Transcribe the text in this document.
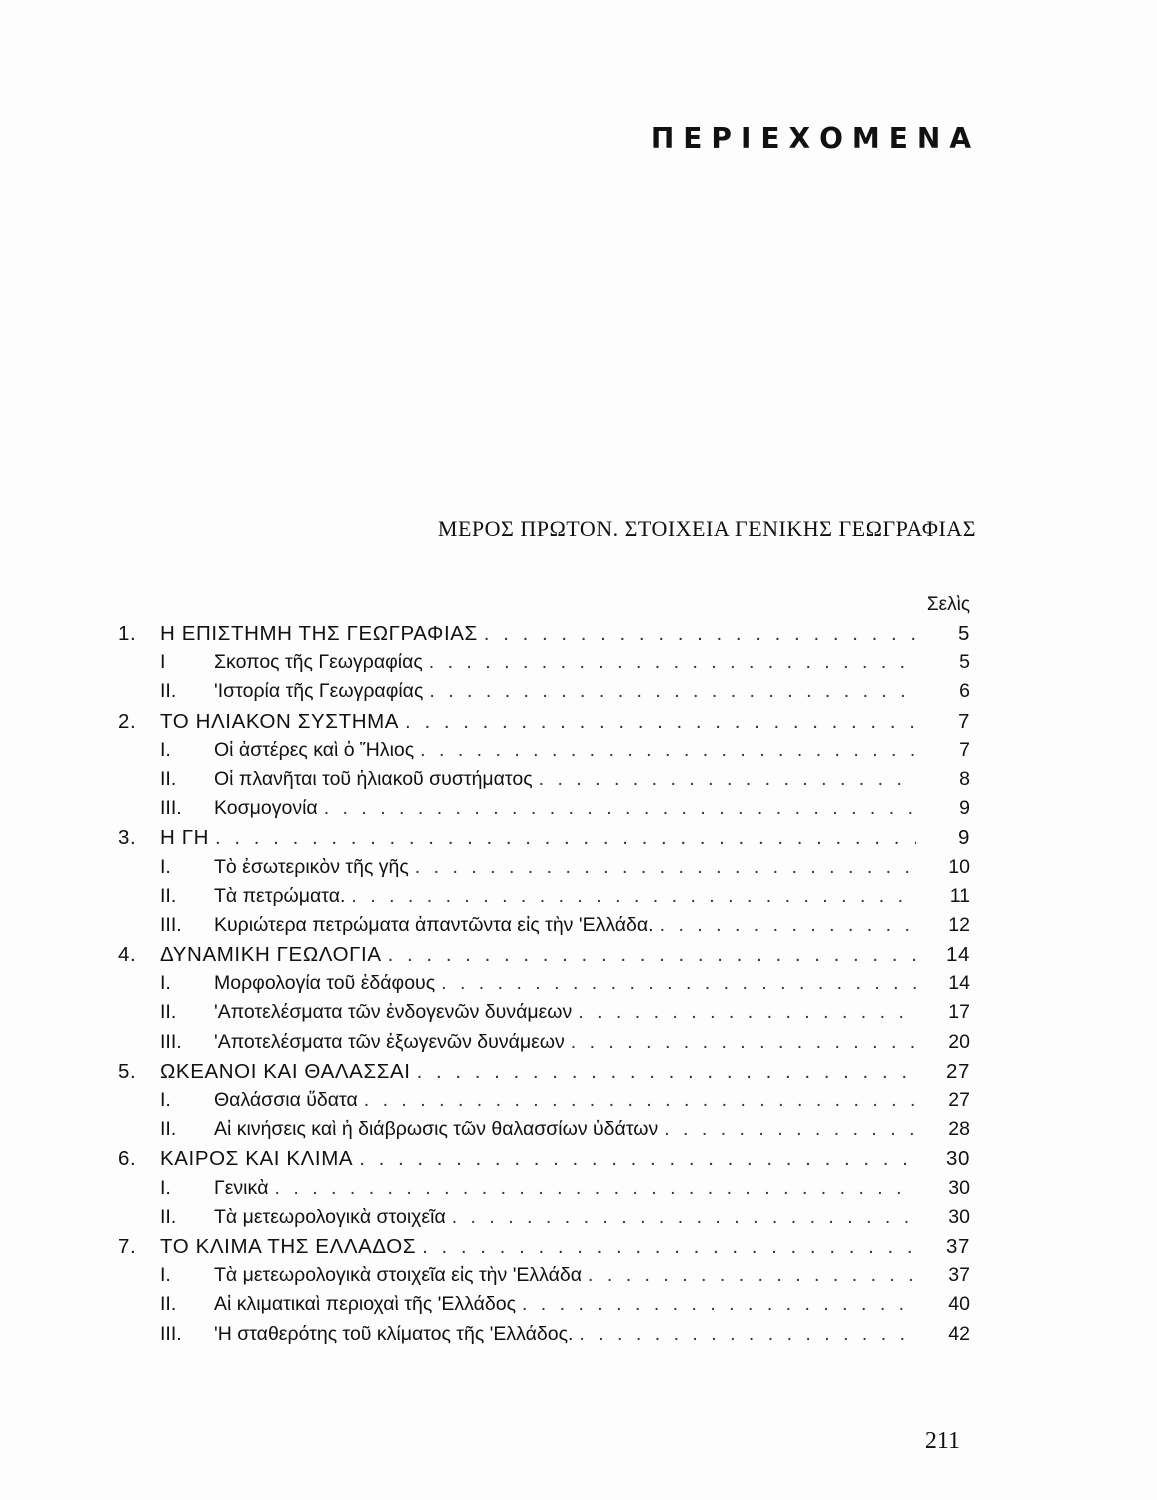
ΠΕΡΙΕΧΟΜΕΝΑ
ΜΕΡΟΣ ΠΡΩΤΟΝ. ΣΤΟΙΧΕΙΑ ΓΕΝΙΚΗΣ ΓΕΩΓΡΑΦΙΑΣ
Σελὶς
1.	Η ΕΠΙΣΤΗΜΗ ΤΗΣ ΓΕΩΓΡΑΦΙΑΣ . . .	5
I	Σκοπος τῆς Γεωγραφίας . . .	5
II.	'Ιστορία τῆς Γεωγραφίας . . .	6
2.	ΤΟ ΗΛΙΑΚΟΝ ΣΥΣΤΗΜΑ . . .	7
I.	Οἱ ἀστέρες καὶ ὁ Ἥλιος . . .	7
II.	Οἱ πλανῆται τοῦ ἡλιακοῦ συστήματος . . .	8
III.	Κοσμογονία . . .	9
3.	Η ΓΗ . . .	9
I.	Τὸ ἐσωτερικὸν τῆς γῆς . . .	10
II.	Τὰ πετρώματα. . . .	11
III.	Κυριώτερα πετρώματα ἀπαντῶντα εἰς τὴν 'Ελλάδα. . . .	12
4.	ΔΥΝΑΜΙΚΗ ΓΕΩΛΟΓΙΑ . . .	14
I.	Μορφολογία τοῦ ἐδάφους . . .	14
II.	'Αποτελέσματα τῶν ἐνδογενῶν δυνάμεων . . .	17
III.	'Αποτελέσματα τῶν ἐξωγενῶν δυνάμεων . . .	20
5.	ΩΚΕΑΝΟΙ ΚΑΙ ΘΑΛΑΣΣΑΙ . . .	27
I.	Θαλάσσια ὕδατα . . .	27
II.	Αἱ κινήσεις καὶ ἡ διάβρωσις τῶν θαλασσίων ὑδάτων . . .	28
6.	ΚΑΙΡΟΣ ΚΑΙ ΚΛΙΜΑ . . .	30
I.	Γενικὰ . . .	30
II.	Τὰ μετεωρολογικὰ στοιχεῖα . . .	30
7.	ΤΟ ΚΛΙΜΑ ΤΗΣ ΕΛΛΑΔΟΣ . . .	37
I.	Τὰ μετεωρολογικὰ στοιχεῖα εἰς τὴν 'Ελλάδα . . .	37
II.	Αἱ κλιματικαὶ περιοχαὶ τῆς 'Ελλάδος . . .	40
III.	'Η σταθερότης τοῦ κλίματος τῆς 'Ελλάδος. . . .	42
211
